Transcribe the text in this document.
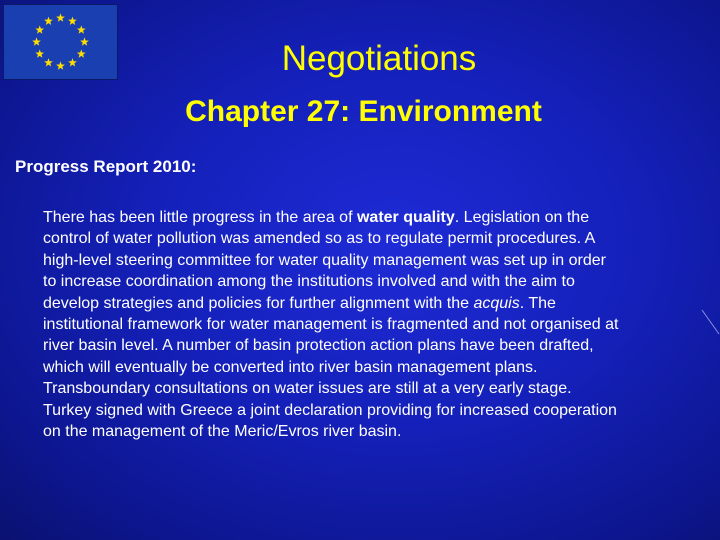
Negotiations
Chapter 27: Environment
Progress Report 2010:
There has been little progress in the area of water quality. Legislation on the
control of water pollution was amended so as to regulate permit procedures. A
high-level steering committee for water quality management was set up in order
to increase coordination among the institutions involved and with the aim to
develop strategies and policies for further alignment with the acquis. The
institutional framework for water management is fragmented and not organised at
river basin level. A number of basin protection action plans have been drafted,
which will eventually be converted into river basin management plans.
Transboundary consultations on water issues are still at a very early stage.
Turkey signed with Greece a joint declaration providing for increased cooperation
on the management of the Meric/Evros river basin.
